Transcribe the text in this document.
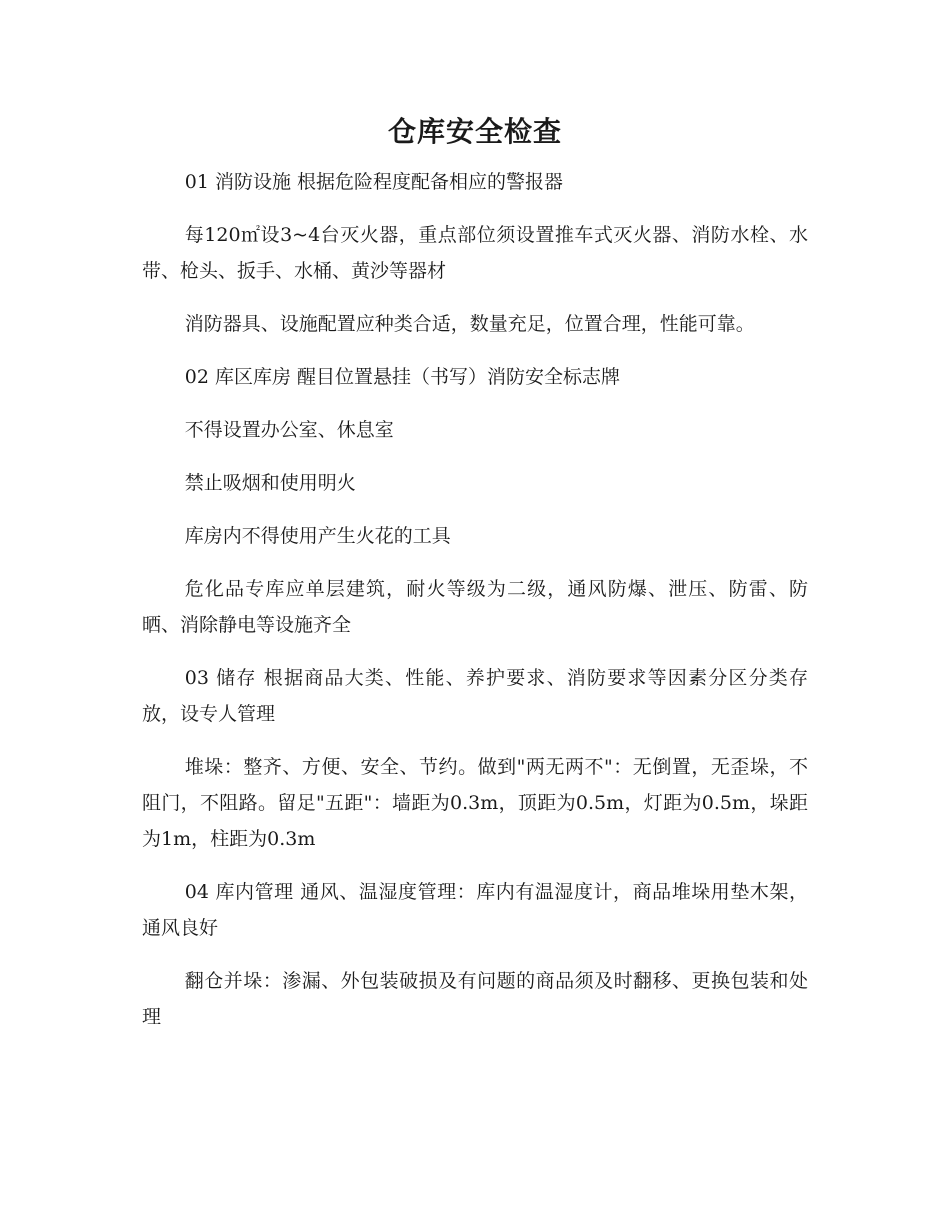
仓库安全检查

01 消防设施 根据危险程度配备相应的警报器

每120㎡设3~4台灭火器，重点部位须设置推车式灭火器、消防水栓、水带、枪头、扳手、水桶、黄沙等器材

消防器具、设施配置应种类合适，数量充足，位置合理，性能可靠。

02 库区库房 醒目位置悬挂（书写）消防安全标志牌

不得设置办公室、休息室

禁止吸烟和使用明火

库房内不得使用产生火花的工具

危化品专库应单层建筑，耐火等级为二级，通风防爆、泄压、防雷、防晒、消除静电等设施齐全

03 储存 根据商品大类、性能、养护要求、消防要求等因素分区分类存放，设专人管理

堆垛：整齐、方便、安全、节约。做到"两无两不"：无倒置，无歪垛，不阻门，不阻路。留足"五距"：墙距为0.3m，顶距为0.5m，灯距为0.5m，垛距为1m，柱距为0.3m

04 库内管理 通风、温湿度管理：库内有温湿度计，商品堆垛用垫木架，通风良好

翻仓并垛：渗漏、外包装破损及有问题的商品须及时翻移、更换包装和处理
